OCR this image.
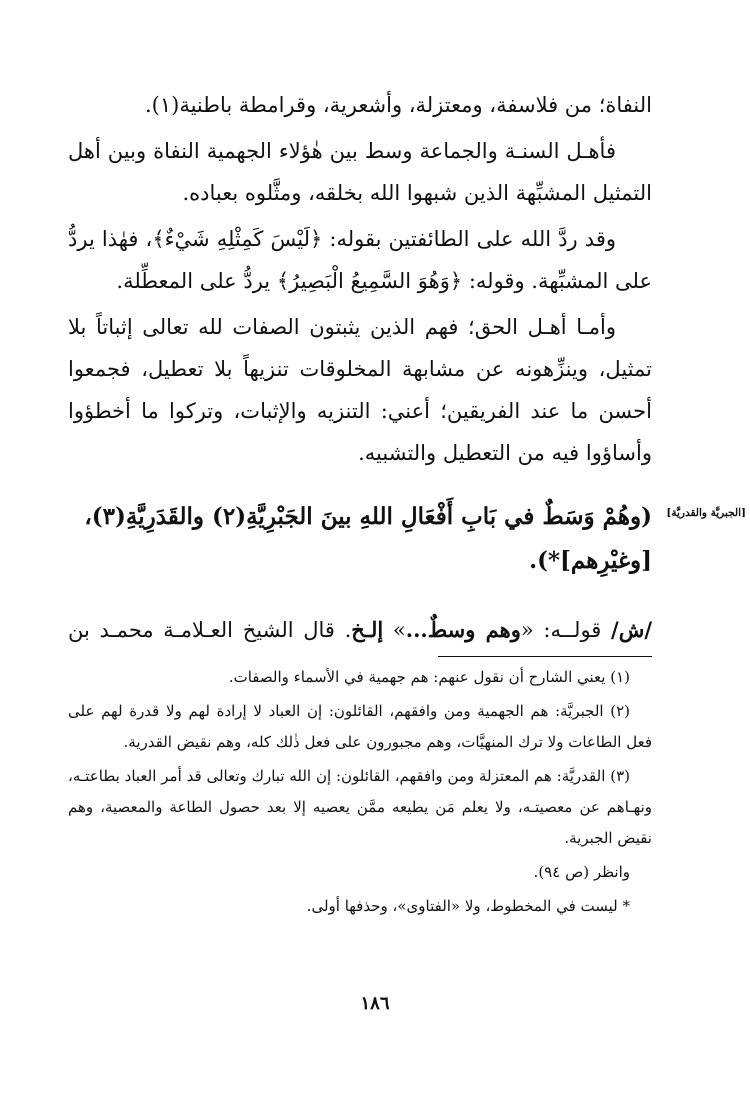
النفاة؛ من فلاسفة، ومعتزلة، وأشعرية، وقرامطة باطنية(١).

فأهـل السنـة والجماعة وسط بين هٰؤلاء الجهمية النفاة وبين أهل التمثيل المشبِّهة الذين شبهوا الله بخلقه، ومثَّلوه بعباده.

وقد ردَّ الله على الطائفتين بقوله: ﴿لَيْسَ كَمِثْلِهِ شَيْءٌ﴾، فهٰذا يردُّ على المشبِّهة. وقوله: ﴿وَهُوَ السَّمِيعُ الْبَصِيرُ﴾ يردُّ على المعطِّلة.

وأمـا أهـل الحق؛ فهم الذين يثبتون الصفات لله تعالى إثباتاً بلا تمثيل، وينزِّهونه عن مشابهة المخلوقات تنزيهاً بلا تعطيل، فجمعوا أحسن ما عند الفريقين؛ أعني: التنزيه والإثبات، وتركوا ما أخطؤوا وأساؤوا فيه من التعطيل والتشبيه.

[الجبريَّة والقدريَّة]
(وهُمْ وَسَطٌ في بَابِ أَفْعَالِ اللهِ بينَ الجَبْرِيَّةِ(٢) والقَدَرِيَّةِ(٣)، [وغيْرِهم]*).
/ش/ قولــه: «وهم وسطٌ...» إلـخ. قال الشيخ العـلامـة محمـد بن

(١) يعني الشارح أن نقول عنهم: هم جهمية في الأسماء والصفات.

(٢) الجبريَّة: هم الجهمية ومن وافقهم، القائلون: إن العباد لا إرادة لهم ولا قدرة لهم على فعل الطاعات ولا ترك المنهيَّات، وهم مجبورون على فعل ذٰلك كله، وهم نقيض القدرية.

(٣) القدريَّة: هم المعتزلة ومن وافقهم، القائلون: إن الله تبارك وتعالى قد أمر العباد بطاعتـه، ونهـاهم عن معصيتـه، ولا يعلم مَن يطيعه ممَّن يعصيه إلا بعد حصول الطاعة والمعصية، وهم نقيض الجبرية.

وانظر (ص ٩٤).

* ليست في المخطوط، ولا «الفتاوى»، وحذفها أولى.

١٨٦
